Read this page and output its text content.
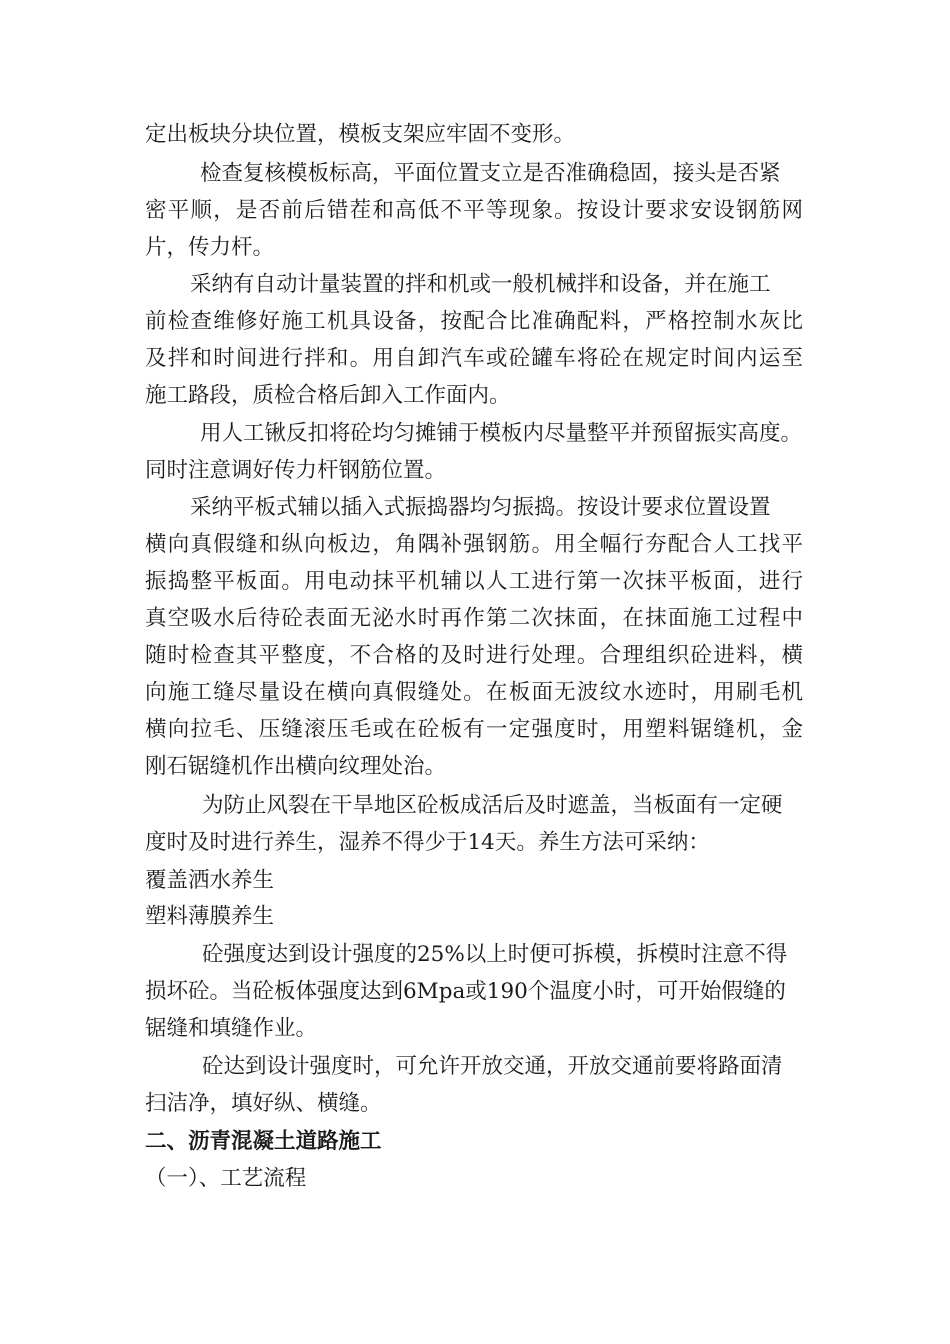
定出板块分块位置，模板支架应牢固不变形。
检查复核模板标高，平面位置支立是否准确稳固，接头是否紧
密平顺，是否前后错茬和高低不平等现象。按设计要求安设钢筋网
片，传力杆。
采纳有自动计量装置的拌和机或一般机械拌和设备，并在施工
前检查维修好施工机具设备，按配合比准确配料，严格控制水灰比
及拌和时间进行拌和。用自卸汽车或砼罐车将砼在规定时间内运至
施工路段，质检合格后卸入工作面内。
用人工锹反扣将砼均匀摊铺于模板内尽量整平并预留振实高度。
同时注意调好传力杆钢筋位置。
采纳平板式辅以插入式振捣器均匀振捣。按设计要求位置设置
横向真假缝和纵向板边，角隅补强钢筋。用全幅行夯配合人工找平
振捣整平板面。用电动抹平机辅以人工进行第一次抹平板面，进行
真空吸水后待砼表面无泌水时再作第二次抹面，在抹面施工过程中
随时检查其平整度，不合格的及时进行处理。合理组织砼进料，横
向施工缝尽量设在横向真假缝处。在板面无波纹水迹时，用刷毛机
横向拉毛、压缝滚压毛或在砼板有一定强度时，用塑料锯缝机，金
刚石锯缝机作出横向纹理处治。
为防止风裂在干旱地区砼板成活后及时遮盖，当板面有一定硬
度时及时进行养生，湿养不得少于14天。养生方法可采纳：
覆盖洒水养生
塑料薄膜养生
砼强度达到设计强度的25%以上时便可拆模，拆模时注意不得
损坏砼。当砼板体强度达到6Mpa或190个温度小时，可开始假缝的
锯缝和填缝作业。
砼达到设计强度时，可允许开放交通，开放交通前要将路面清
扫洁净，填好纵、横缝。
二、沥青混凝土道路施工
（一）、工艺流程
